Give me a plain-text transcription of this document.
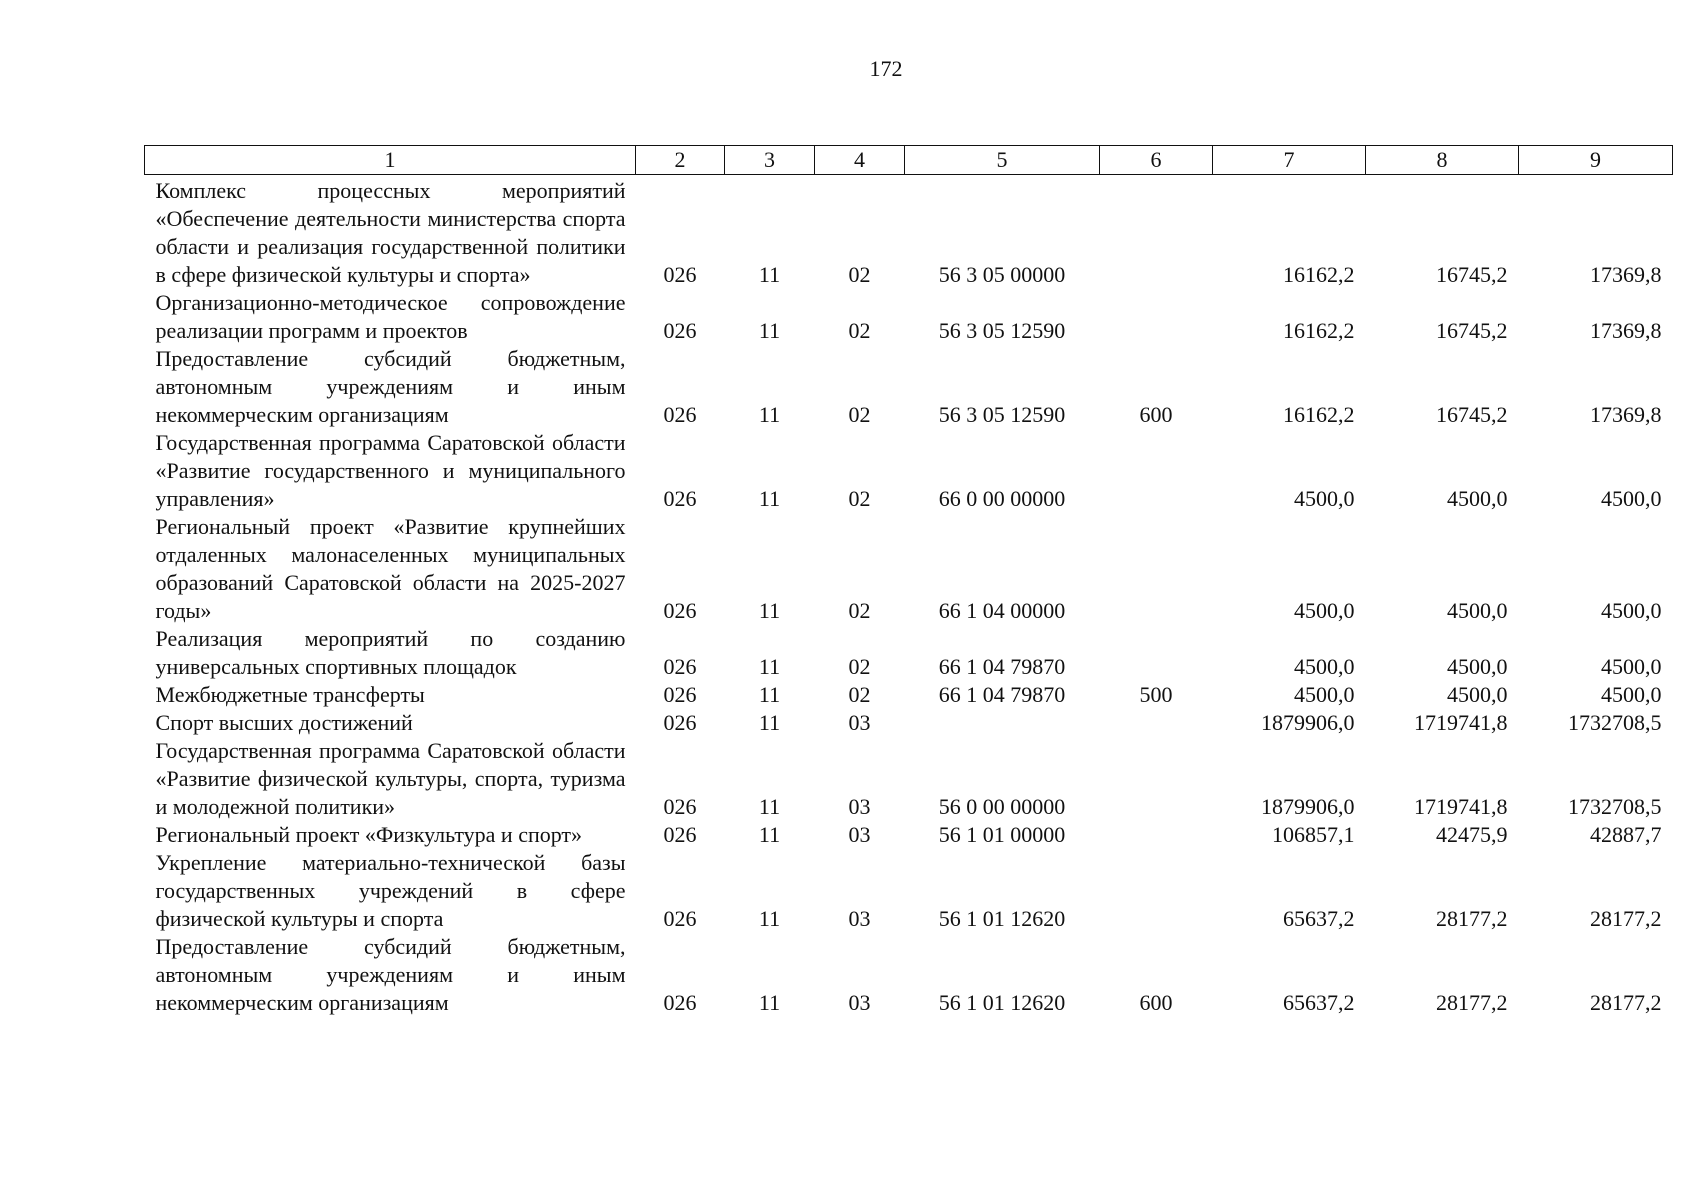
172
1	2	3	4	5	6	7	8	9
Комплекс процессных мероприятий «Обеспечение деятельности министерства спорта области и реализация государственной политики в сфере физической культуры и спорта»	026	11	02	56 3 05 00000		16162,2	16745,2	17369,8
Организационно-методическое сопровождение реализации программ и проектов	026	11	02	56 3 05 12590		16162,2	16745,2	17369,8
Предоставление субсидий бюджетным, автономным учреждениям и иным некоммерческим организациям	026	11	02	56 3 05 12590	600	16162,2	16745,2	17369,8
Государственная программа Саратовской области «Развитие государственного и муниципального управления»	026	11	02	66 0 00 00000		4500,0	4500,0	4500,0
Региональный проект «Развитие крупнейших отдаленных малонаселенных муниципальных образований Саратовской области на 2025-2027 годы»	026	11	02	66 1 04 00000		4500,0	4500,0	4500,0
Реализация мероприятий по созданию универсальных спортивных площадок	026	11	02	66 1 04 79870		4500,0	4500,0	4500,0
Межбюджетные трансферты	026	11	02	66 1 04 79870	500	4500,0	4500,0	4500,0
Спорт высших достижений	026	11	03			1879906,0	1719741,8	1732708,5
Государственная программа Саратовской области «Развитие физической культуры, спорта, туризма и молодежной политики»	026	11	03	56 0 00 00000		1879906,0	1719741,8	1732708,5
Региональный проект «Физкультура и спорт»	026	11	03	56 1 01 00000		106857,1	42475,9	42887,7
Укрепление материально-технической базы государственных учреждений в сфере физической культуры и спорта	026	11	03	56 1 01 12620		65637,2	28177,2	28177,2
Предоставление субсидий бюджетным, автономным учреждениям и иным некоммерческим организациям	026	11	03	56 1 01 12620	600	65637,2	28177,2	28177,2
